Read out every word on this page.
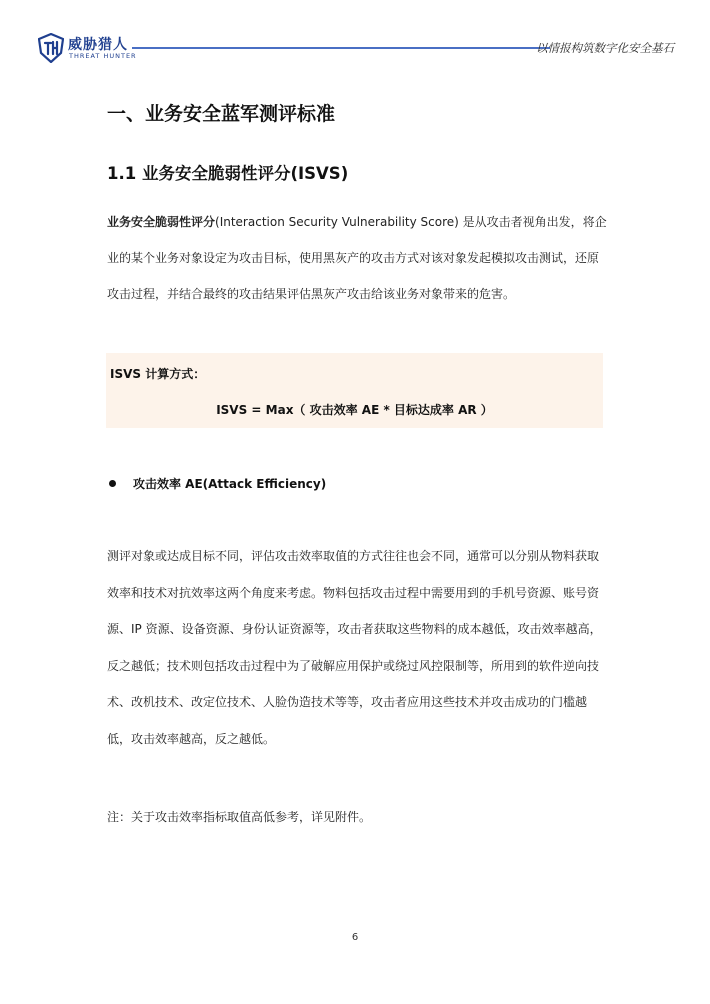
威胁猎人
THREAT HUNTER
以情报构筑数字化安全基石
一、业务安全蓝军测评标准
1.1 业务安全脆弱性评分(ISVS)
业务安全脆弱性评分(Interaction Security Vulnerability Score) 是从攻击者视角出发，将企业的某个业务对象设定为攻击目标，使用黑灰产的攻击方式对该对象发起模拟攻击测试，还原攻击过程，并结合最终的攻击结果评估黑灰产攻击给该业务对象带来的危害。
ISVS 计算方式：
ISVS = Max（ 攻击效率 AE * 目标达成率 AR ）
攻击效率 AE(Attack Efficiency)
测评对象或达成目标不同，评估攻击效率取值的方式往往也会不同，通常可以分别从物料获取效率和技术对抗效率这两个角度来考虑。物料包括攻击过程中需要用到的手机号资源、账号资源、IP 资源、设备资源、身份认证资源等，攻击者获取这些物料的成本越低，攻击效率越高，反之越低；技术则包括攻击过程中为了破解应用保护或绕过风控限制等，所用到的软件逆向技术、改机技术、改定位技术、人脸伪造技术等等，攻击者应用这些技术并攻击成功的门槛越低，攻击效率越高，反之越低。
注：关于攻击效率指标取值高低参考，详见附件。
6
